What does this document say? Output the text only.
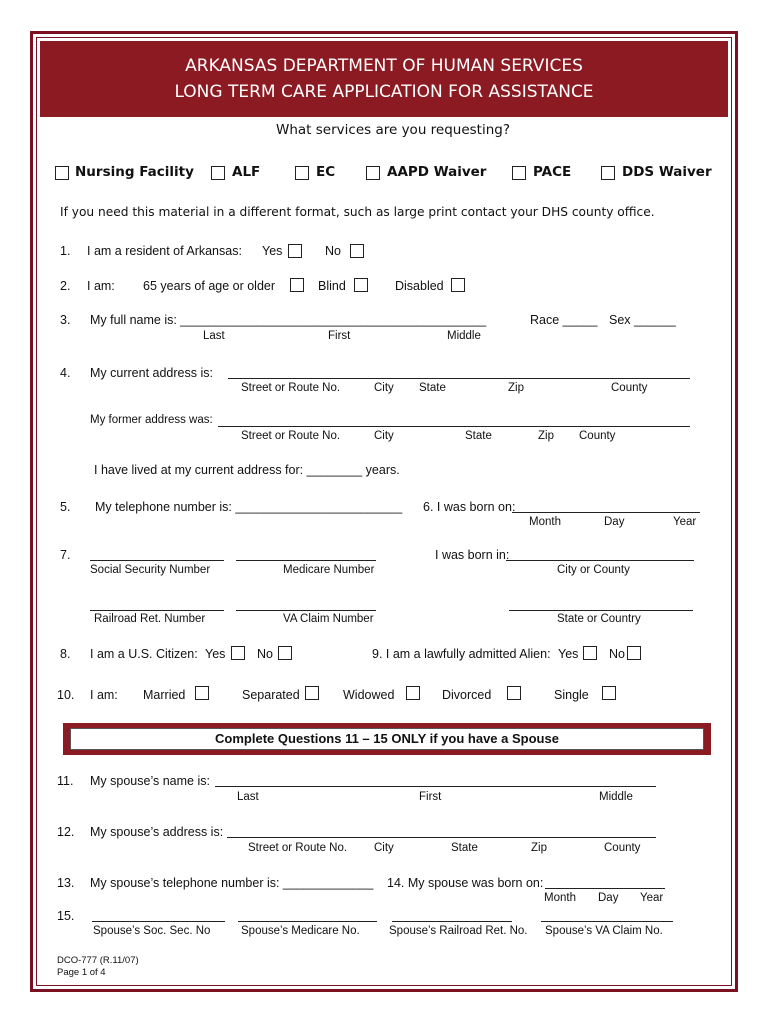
ARKANSAS DEPARTMENT OF HUMAN SERVICES
LONG TERM CARE APPLICATION FOR ASSISTANCE
What services are you requesting?
Nursing Facility	ALF	EC	AAPD Waiver	PACE	DDS Waiver
If you need this material in a different format, such as large print contact your DHS county office.
1. I am a resident of Arkansas: Yes	No
2. I am: 65 years of age or older	Blind	Disabled
3. My full name is: ____________________________________________	Race _____ Sex ______
Last	First	Middle
4. My current address is:
Street or Route No.	City State	Zip	County
My former address was:
Street or Route No.	City	State	Zip County
I have lived at my current address for: ________ years.
5. My telephone number is: ________________________ 6. I was born on:
Month	Day	Year
7.	I was born in:
Social Security Number	Medicare Number	City or County
Railroad Ret. Number	VA Claim Number	State or Country
8. I am a U.S. Citizen: Yes	No	9. I am a lawfully admitted Alien: Yes No
10. I am: Married	Separated	Widowed	Divorced	Single
Complete Questions 11 – 15 ONLY if you have a Spouse
11. My spouse’s name is:
Last	First	Middle
12. My spouse’s address is:
Street or Route No. City	State	Zip	County
13. My spouse’s telephone number is: _____________ 14. My spouse was born on:
Month Day Year
15.
Spouse’s Soc. Sec. No	Spouse’s Medicare No.	Spouse’s Railroad Ret. No. Spouse’s VA Claim No.
DCO-777 (R.11/07)
Page 1 of 4
